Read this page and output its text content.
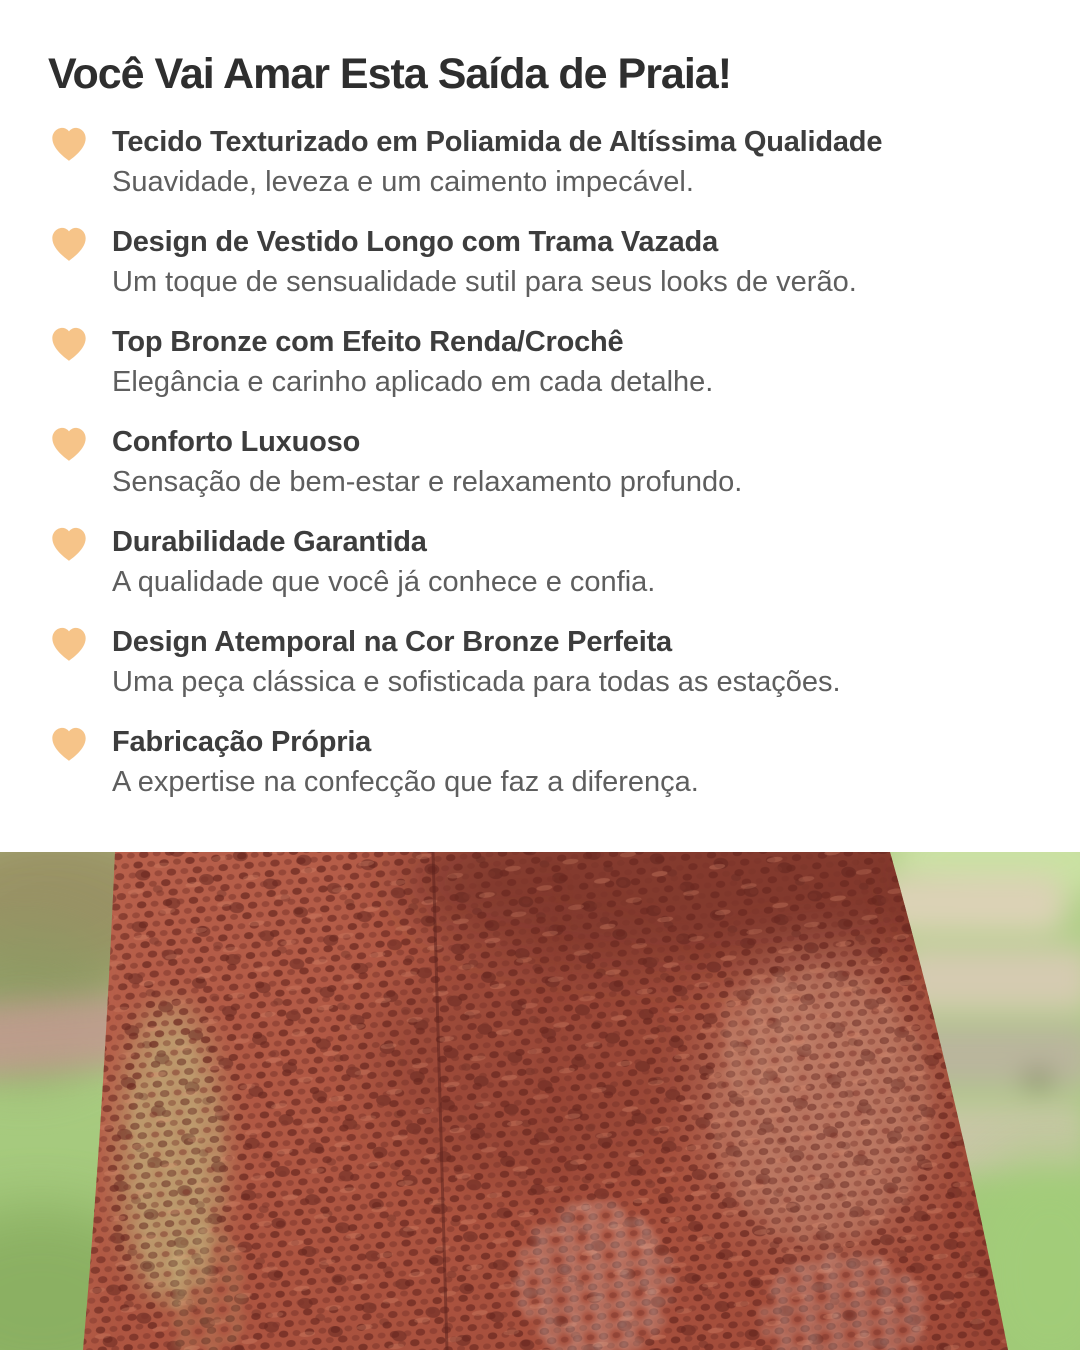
Você Vai Amar Esta Saída de Praia!
Tecido Texturizado em Poliamida de Altíssima Qualidade
Suavidade, leveza e um caimento impecável.
Design de Vestido Longo com Trama Vazada
Um toque de sensualidade sutil para seus looks de verão.
Top Bronze com Efeito Renda/Crochê
Elegância e carinho aplicado em cada detalhe.
Conforto Luxuoso
Sensação de bem-estar e relaxamento profundo.
Durabilidade Garantida
A qualidade que você já conhece e confia.
Design Atemporal na Cor Bronze Perfeita
Uma peça clássica e sofisticada para todas as estações.
Fabricação Própria
A expertise na confecção que faz a diferença.
